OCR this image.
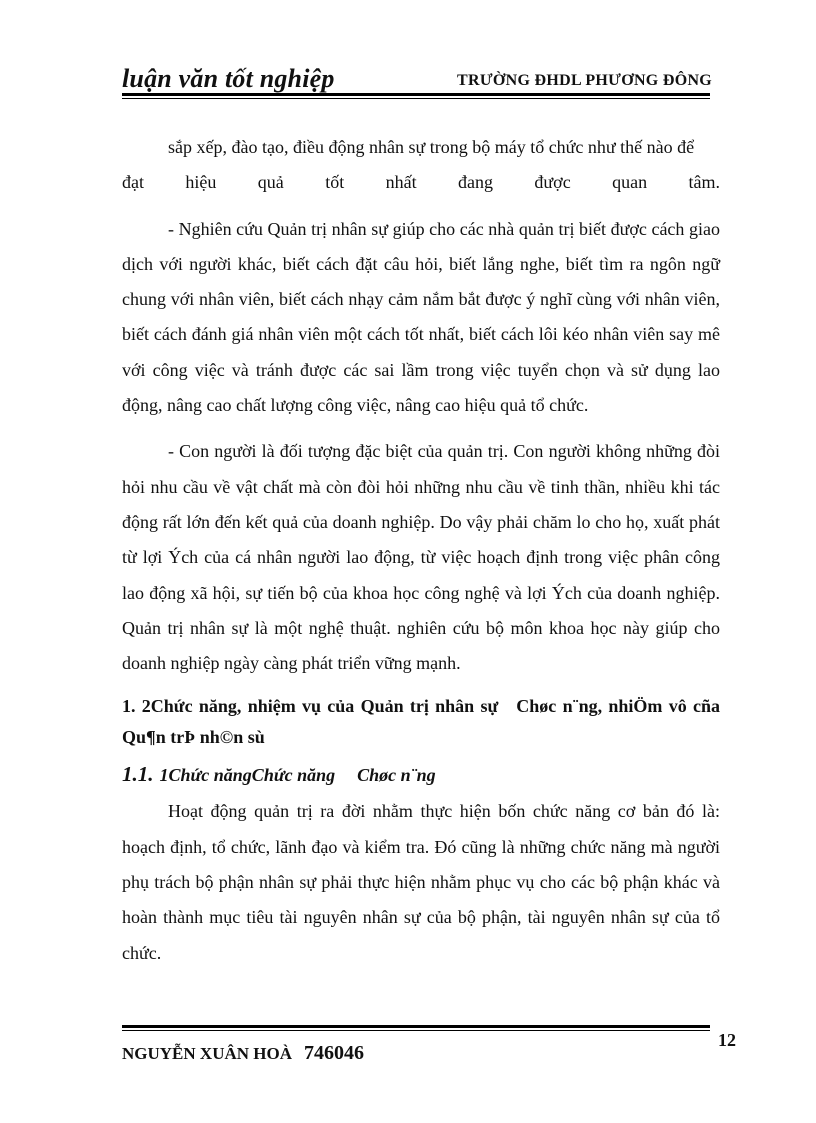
luận văn tốt nghiệp	TRƯỜNG ĐHDL PHƯƠNG ĐÔNG

sắp xếp, đào tạo, điều động nhân sự trong bộ máy tổ chức như thế nào để

đạt hiệu quả tốt nhất đang được quan tâm.

- Nghiên cứu Quản trị nhân sự giúp cho các nhà quản trị biết được cách giao dịch với người khác, biết cách đặt câu hỏi, biết lắng nghe, biết tìm ra ngôn ngữ chung với nhân viên, biết cách nhạy cảm nắm bắt được ý nghĩ cùng với nhân viên, biết cách đánh giá nhân viên một cách tốt nhất, biết cách lôi kéo nhân viên say mê với công việc và tránh được các sai lầm trong việc tuyển chọn và sử dụng lao động, nâng cao chất lượng công việc, nâng cao hiệu quả tổ chức.

- Con người là đối tượng đặc biệt của quản trị. Con người không những đòi hỏi nhu cầu về vật chất mà còn đòi hỏi những nhu cầu về tinh thần, nhiều khi tác động rất lớn đến kết quả của doanh nghiệp. Do vậy phải chăm lo cho họ, xuất phát từ lợi Ých của cá nhân người lao động, từ việc hoạch định trong việc phân công lao động xã hội, sự tiến bộ của khoa học công nghệ và lợi Ých của doanh nghiệp. Quản trị nhân sự là một nghệ thuật. nghiên cứu bộ môn khoa học này giúp cho doanh nghiệp ngày càng phát triển vững mạnh.

1. 2Chức năng, nhiệm vụ của Quản trị nhân sự Chøc n¨ng, nhiÖm vô cña Qu¶n trÞ nh©n sù
1.1. 1Chức năngChức năng Chøc n¨ng

Hoạt động quản trị ra đời nhằm thực hiện bốn chức năng cơ bản đó là: hoạch định, tổ chức, lãnh đạo và kiểm tra. Đó cũng là những chức năng mà người phụ trách bộ phận nhân sự phải thực hiện nhằm phục vụ cho các bộ phận khác và hoàn thành mục tiêu tài nguyên nhân sự của bộ phận, tài nguyên nhân sự của tổ chức.

NGUYỄN XUÂN HOÀ 746046
12
